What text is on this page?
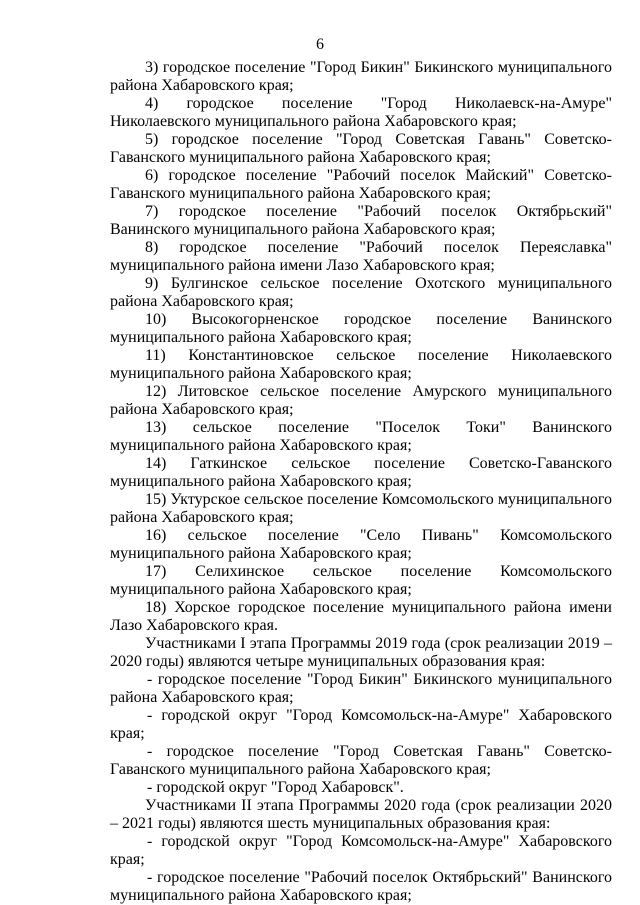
6

3) городское поселение "Город Бикин" Бикинского муниципального района Хабаровского края;

4) городское поселение "Город Николаевск-на-Амуре" Николаевского муниципального района Хабаровского края;

5) городское поселение "Город Советская Гавань" Советско-Гаванского муниципального района Хабаровского края;

6) городское поселение "Рабочий поселок Майский" Советско-Гаванского муниципального района Хабаровского края;

7) городское поселение "Рабочий поселок Октябрьский" Ванинского муниципального района Хабаровского края;

8) городское поселение "Рабочий поселок Переяславка" муниципального района имени Лазо Хабаровского края;

9) Булгинское сельское поселение Охотского муниципального района Хабаровского края;

10) Высокогорненское городское поселение Ванинского муниципального района Хабаровского края;

11) Константиновское сельское поселение Николаевского муниципального района Хабаровского края;

12) Литовское сельское поселение Амурского муниципального района Хабаровского края;

13) сельское поселение "Поселок Токи" Ванинского муниципального района Хабаровского края;

14) Гаткинское сельское поселение Советско-Гаванского муниципального района Хабаровского края;

15) Уктурское сельское поселение Комсомольского муниципального района Хабаровского края;

16) сельское поселение "Село Пивань" Комсомольского муниципального района Хабаровского края;

17) Селихинское сельское поселение Комсомольского муниципального района Хабаровского края;

18) Хорское городское поселение муниципального района имени Лазо Хабаровского края.

Участниками I этапа Программы 2019 года (срок реализации 2019 – 2020 годы) являются четыре муниципальных образования края:

- городское поселение "Город Бикин" Бикинского муниципального района Хабаровского края;

- городской округ "Город Комсомольск-на-Амуре" Хабаровского края;

- городское поселение "Город Советская Гавань" Советско-Гаванского муниципального района Хабаровского края;

- городской округ "Город Хабаровск".

Участниками II этапа Программы 2020 года (срок реализации 2020 – 2021 годы) являются шесть муниципальных образования края:

- городской округ "Город Комсомольск-на-Амуре" Хабаровского края;

- городское поселение "Рабочий поселок Октябрьский" Ванинского муниципального района Хабаровского края;
